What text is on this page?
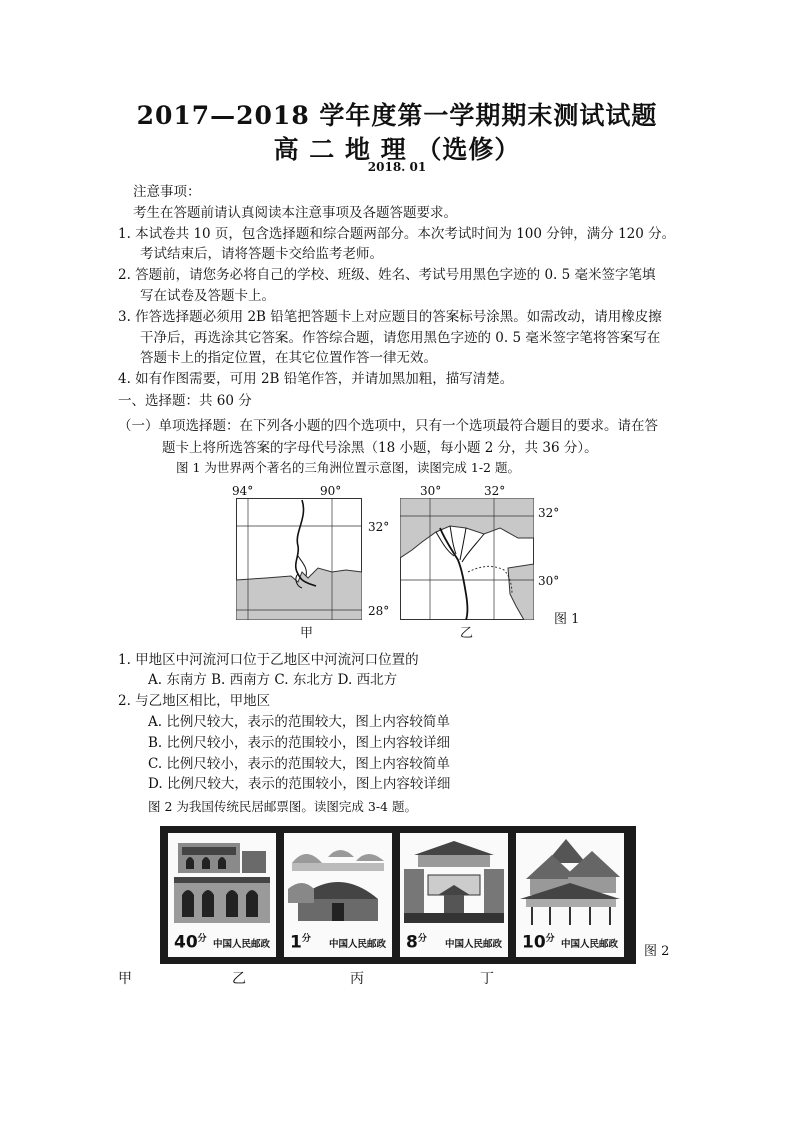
2017—2018 学年度第一学期期末测试试题
高 二 地 理 （选修）
2018. 01
注意事项：
考生在答题前请认真阅读本注意事项及各题答题要求。
1. 本试卷共 10 页，包含选择题和综合题两部分。本次考试时间为 100 分钟，满分 120 分。
考试结束后，请将答题卡交给监考老师。
2. 答题前，请您务必将自己的学校、班级、姓名、考试号用黑色字迹的 0. 5 毫米签字笔填
写在试卷及答题卡上。
3. 作答选择题必须用 2B 铅笔把答题卡上对应题目的答案标号涂黑。如需改动，请用橡皮擦
干净后，再选涂其它答案。作答综合题，请您用黑色字迹的 0. 5 毫米签字笔将答案写在
答题卡上的指定位置，在其它位置作答一律无效。
4. 如有作图需要，可用 2B 铅笔作答，并请加黑加粗，描写清楚。
一、选择题：共 60 分
（一）单项选择题：在下列各小题的四个选项中，只有一个选项最符合题目的要求。请在答
题卡上将所选答案的字母代号涂黑（18 小题，每小题 2 分，共 36 分）。
图 1 为世界两个著名的三角洲位置示意图，读图完成 1-2 题。
94°	90°
32°
28°
甲
30°	32°
32°
30°
乙
图 1
1. 甲地区中河流河口位于乙地区中河流河口位置的
A. 东南方 B. 西南方 C. 东北方 D. 西北方
2. 与乙地区相比，甲地区
A. 比例尺较大，表示的范围较大，图上内容较简单
B. 比例尺较小，表示的范围较小，图上内容较详细
C. 比例尺较小，表示的范围较大，图上内容较简单
D. 比例尺较大，表示的范围较小，图上内容较详细
图 2 为我国传统民居邮票图。读图完成 3-4 题。
$40^分$ 中国人民邮政 $1^分$ 中国人民邮政 $8^分$ 中国人民邮政 $10^分$ 中国人民邮政 图 2
甲	乙	丙	丁
